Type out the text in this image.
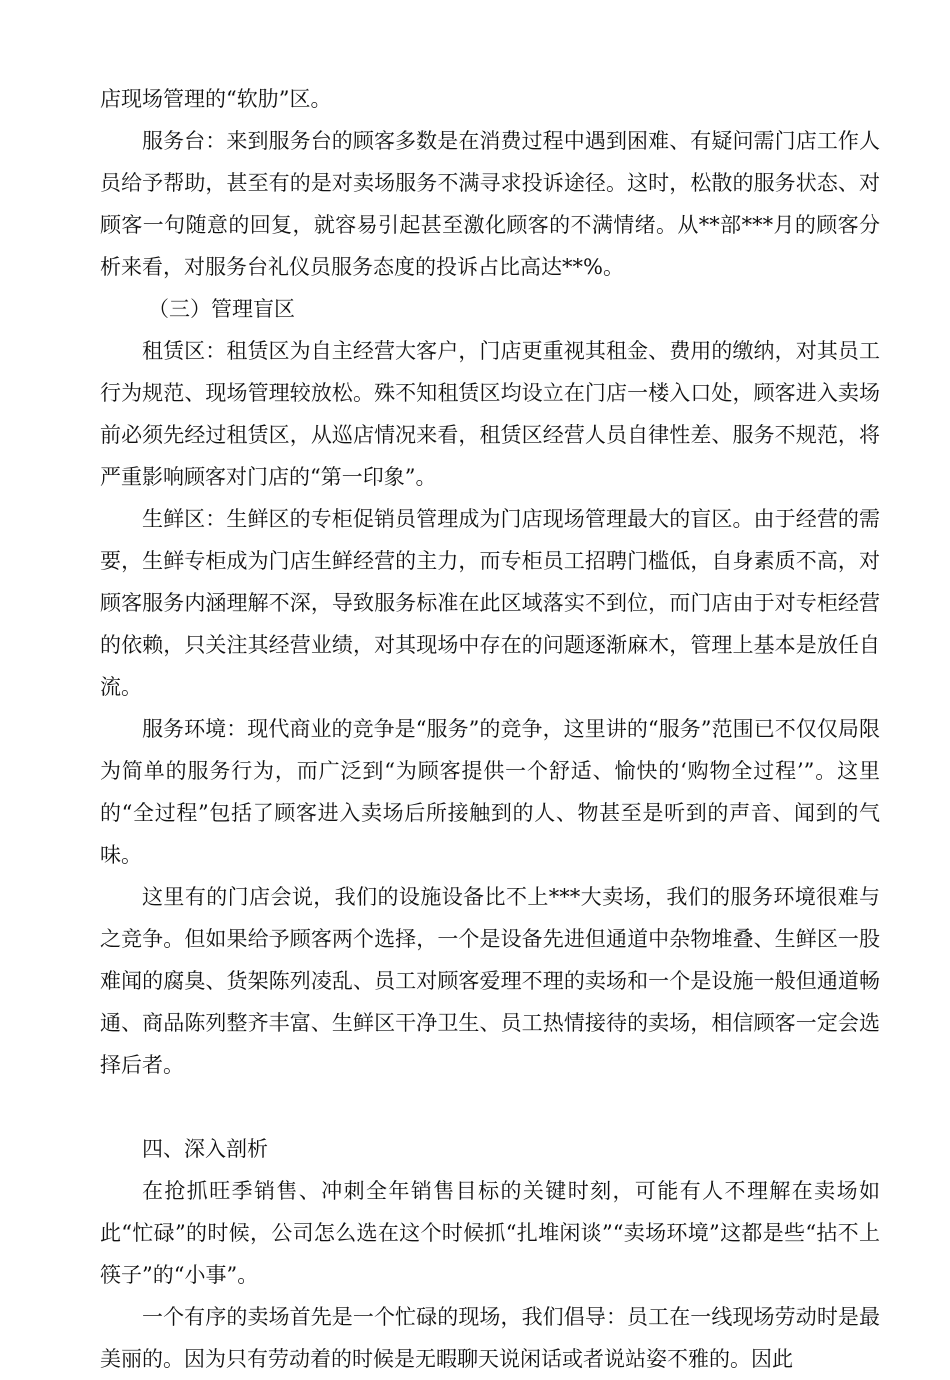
店现场管理的“软肋”区。

服务台：来到服务台的顾客多数是在消费过程中遇到困难、有疑问需门店工作人员给予帮助，甚至有的是对卖场服务不满寻求投诉途径。这时，松散的服务状态、对顾客一句随意的回复，就容易引起甚至激化顾客的不满情绪。从**部***月的顾客分析来看，对服务台礼仪员服务态度的投诉占比高达**%。

（三）管理盲区

租赁区：租赁区为自主经营大客户，门店更重视其租金、费用的缴纳，对其员工行为规范、现场管理较放松。殊不知租赁区均设立在门店一楼入口处，顾客进入卖场前必须先经过租赁区，从巡店情况来看，租赁区经营人员自律性差、服务不规范，将严重影响顾客对门店的“第一印象”。

生鲜区：生鲜区的专柜促销员管理成为门店现场管理最大的盲区。由于经营的需要，生鲜专柜成为门店生鲜经营的主力，而专柜员工招聘门槛低，自身素质不高，对顾客服务内涵理解不深，导致服务标准在此区域落实不到位，而门店由于对专柜经营的依赖，只关注其经营业绩，对其现场中存在的问题逐渐麻木，管理上基本是放任自流。

服务环境：现代商业的竞争是“服务”的竞争，这里讲的“服务”范围已不仅仅局限为简单的服务行为，而广泛到“为顾客提供一个舒适、愉快的‘购物全过程’”。这里的“全过程”包括了顾客进入卖场后所接触到的人、物甚至是听到的声音、闻到的气味。

这里有的门店会说，我们的设施设备比不上***大卖场，我们的服务环境很难与之竞争。但如果给予顾客两个选择，一个是设备先进但通道中杂物堆叠、生鲜区一股难闻的腐臭、货架陈列凌乱、员工对顾客爱理不理的卖场和一个是设施一般但通道畅通、商品陈列整齐丰富、生鲜区干净卫生、员工热情接待的卖场，相信顾客一定会选择后者。

四、深入剖析

在抢抓旺季销售、冲刺全年销售目标的关键时刻，可能有人不理解在卖场如此“忙碌”的时候，公司怎么选在这个时候抓“扎堆闲谈”“卖场环境”这都是些“拈不上筷子”的“小事”。

一个有序的卖场首先是一个忙碌的现场，我们倡导：员工在一线现场劳动时是最美丽的。因为只有劳动着的时候是无暇聊天说闲话或者说站姿不雅的。因此
